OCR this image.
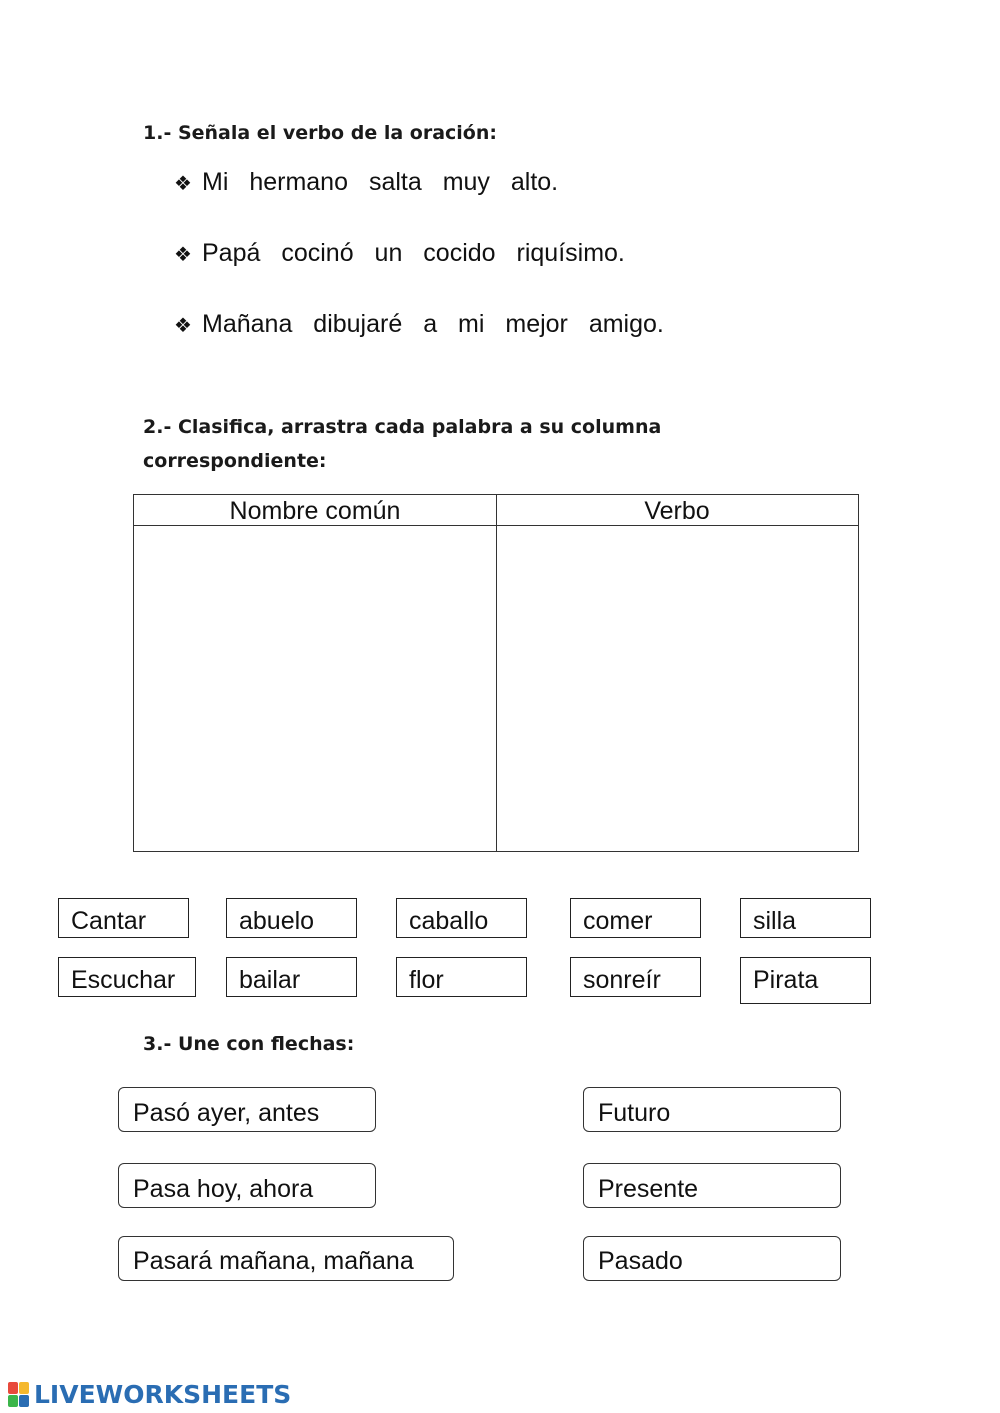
1.- Señala el verbo de la oración:
❖ Mi hermano salta muy alto.
❖ Papá cocinó un cocido riquísimo.
❖ Mañana dibujaré a mi mejor amigo.
2.- Clasifica, arrastra cada palabra a su columna
correspondiente:
Nombre común	Verbo
Cantar	abuelo	caballo	comer	silla
Escuchar	bailar	flor	sonreír	Pirata
3.- Une con flechas:
Pasó ayer, antes
Pasa hoy, ahora
Pasará mañana, mañana
Futuro
Presente
Pasado
LIVEWORKSHEETS
